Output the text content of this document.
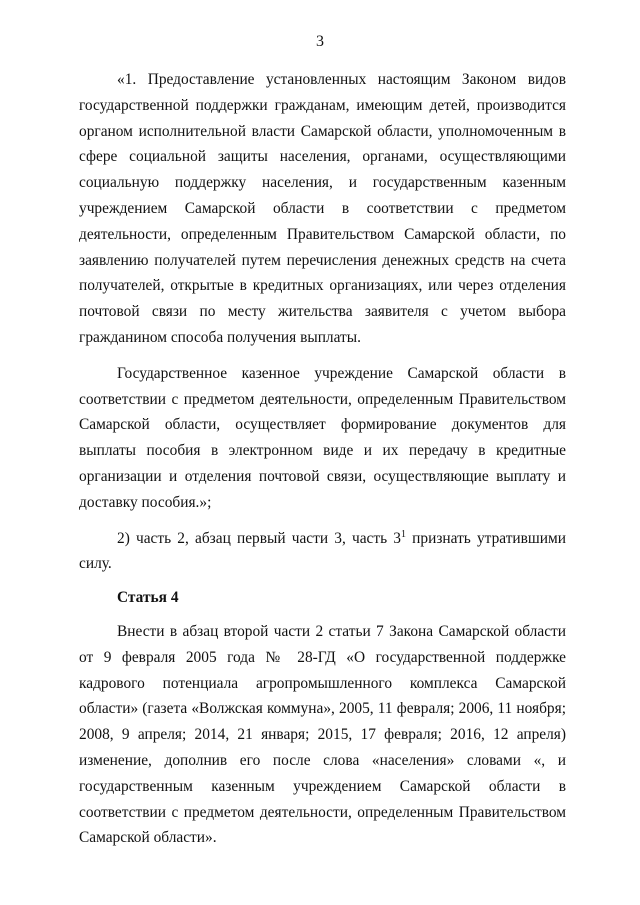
3

«1. Предоставление установленных настоящим Законом видов государственной поддержки гражданам, имеющим детей, производится органом исполнительной власти Самарской области, уполномоченным в сфере социальной защиты населения, органами, осуществляющими социальную поддержку населения, и государственным казенным учреждением Самарской области в соответствии с предметом деятельности, определенным Правительством Самарской области, по заявлению получателей путем перечисления денежных средств на счета получателей, открытые в кредитных организациях, или через отделения почтовой связи по месту жительства заявителя с учетом выбора гражданином способа получения выплаты.

Государственное казенное учреждение Самарской области в соответствии с предметом деятельности, определенным Правительством Самарской области, осуществляет формирование документов для выплаты пособия в электронном виде и их передачу в кредитные организации и отделения почтовой связи, осуществляющие выплату и доставку пособия.»;

2) часть 2, абзац первый части 3, часть $3^1$ признать утратившими силу.

Статья 4

Внести в абзац второй части 2 статьи 7 Закона Самарской области от 9 февраля 2005 года № 28-ГД «О государственной поддержке кадрового потенциала агропромышленного комплекса Самарской области» (газета «Волжская коммуна», 2005, 11 февраля; 2006, 11 ноября; 2008, 9 апреля; 2014, 21 января; 2015, 17 февраля; 2016, 12 апреля) изменение, дополнив его после слова «населения» словами «, и государственным казенным учреждением Самарской области в соответствии с предметом деятельности, определенным Правительством Самарской области».
